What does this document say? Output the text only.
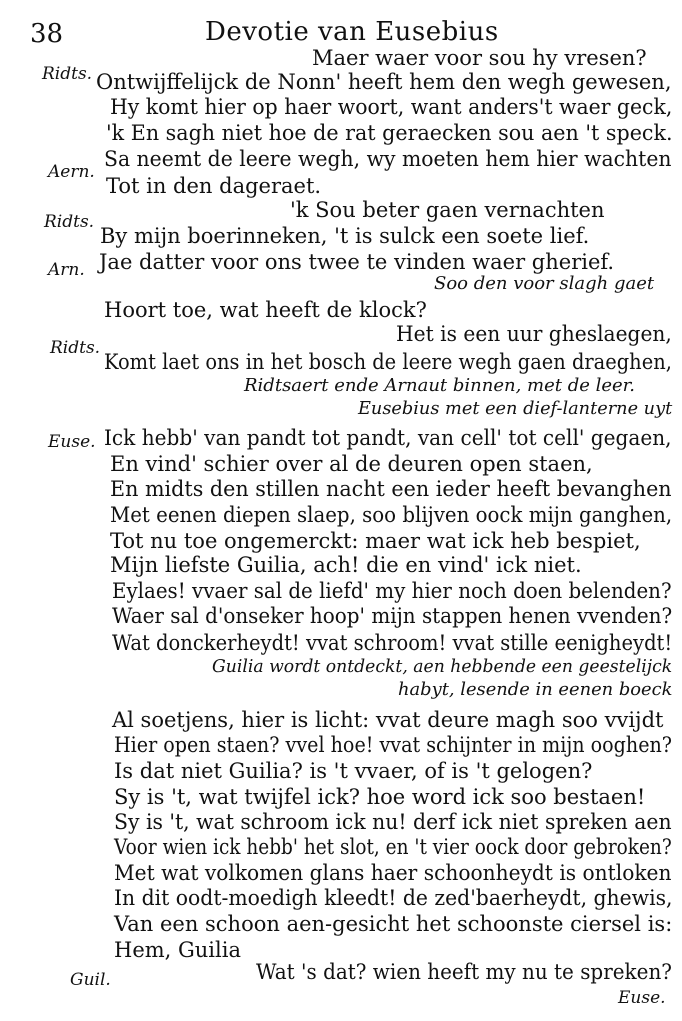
38	Devotie van Eusebius
Maer waer voor sou hy vresen?
Ridts. Ontwijffelijck de Nonn' heeft hem den wegh gewesen,
Hy komt hier op haer woort, want anders't waer geck,
'k En sagh niet hoe de rat geraecken sou aen 't speck.
Aern.
Sa neemt de leere wegh, wy moeten hem hier wachten
Tot in den dageraet.
'k Sou beter gaen vernachten
Ridts.
By mijn boerinneken, 't is sulck een soete lief.
Arn. Jae datter voor ons twee te vinden waer gherief.
Soo den voor slagh gaet
Hoort toe, wat heeft de klock?
Het is een uur gheslaegen,
Ridts.
Komt laet ons in het bosch de leere wegh gaen draeghen,
Ridtsaert ende Arnaut binnen, met de leer.
Eusebius met een dief-lanterne uyt
Euse. Ick hebb' van pandt tot pandt, van cell' tot cell' gegaen,
En vind' schier over al de deuren open staen,
En midts den stillen nacht een ieder heeft bevanghen
Met eenen diepen slaep, soo blijven oock mijn ganghen,
Tot nu toe ongemerckt: maer wat ick heb bespiet,
Mijn liefste Guilia, ach! die en vind' ick niet.
Eylaes! vvaer sal de liefd' my hier noch doen belenden?
Waer sal d'onseker hoop' mijn stappen henen vvenden?
Wat donckerheydt! vvat schroom! vvat stille eenigheydt!
Guilia wordt ontdeckt, aen hebbende een geestelijck
habyt, lesende in eenen boeck
Al soetjens, hier is licht: vvat deure magh soo vvijdt
Hier open staen? vvel hoe! vvat schijnter in mijn ooghen?
Is dat niet Guilia? is 't vvaer, of is 't gelogen?
Sy is 't, wat twijfel ick? hoe word ick soo bestaen!
Sy is 't, wat schroom ick nu! derf ick niet spreken aen
Voor wien ick hebb' het slot, en 't vier oock door gebroken?
Met wat volkomen glans haer schoonheydt is ontloken
In dit oodt-moedigh kleedt! de zed'baerheydt, ghewis,
Van een schoon aen-gesicht het schoonste ciersel is:
Hem, Guilia
Guil.	Wat 's dat? wien heeft my nu te spreken?
Euse.
